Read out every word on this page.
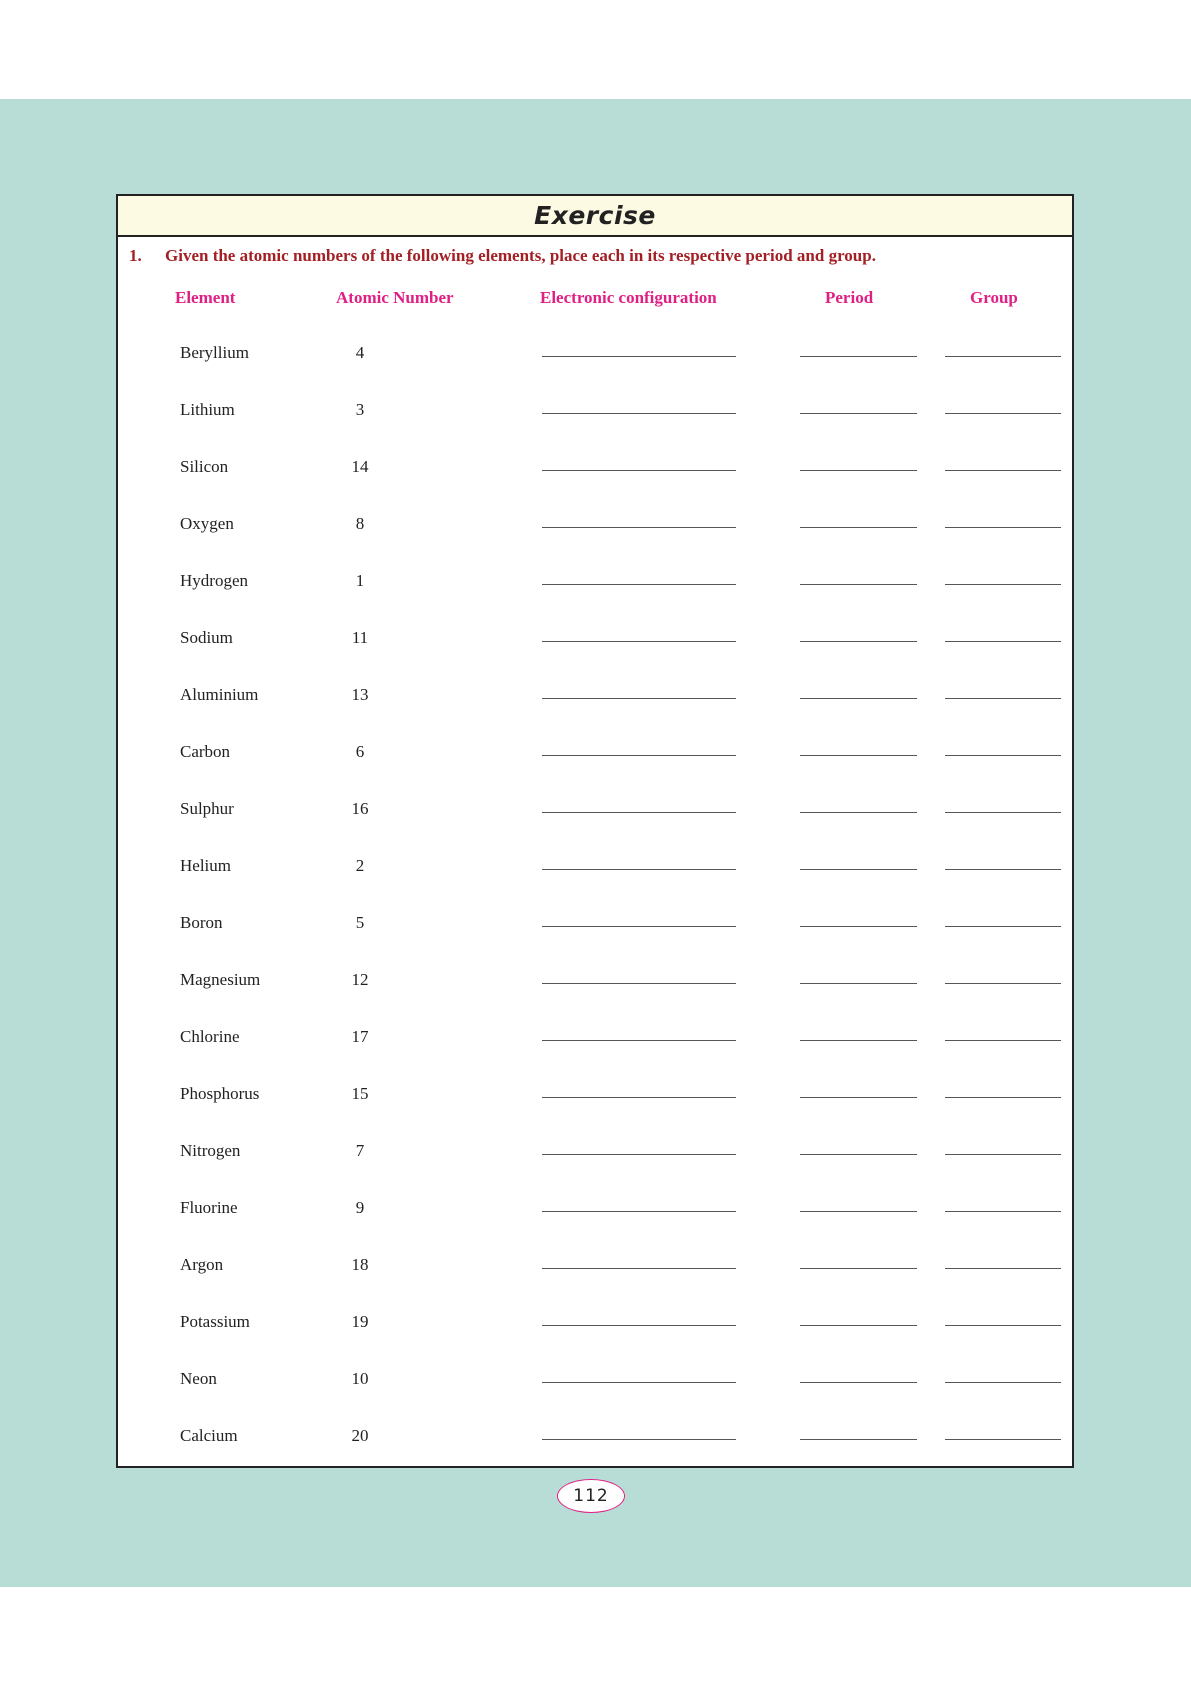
Exercise
1. Given the atomic numbers of the following elements, place each in its respective period and group.
Element	Atomic Number	Electronic configuration	Period	Group
Beryllium	4
Lithium	3
Silicon	14
Oxygen	8
Hydrogen	1
Sodium	11
Aluminium	13
Carbon	6
Sulphur	16
Helium	2
Boron	5
Magnesium	12
Chlorine	17
Phosphorus	15
Nitrogen	7
Fluorine	9
Argon	18
Potassium	19
Neon	10
Calcium	20
112
